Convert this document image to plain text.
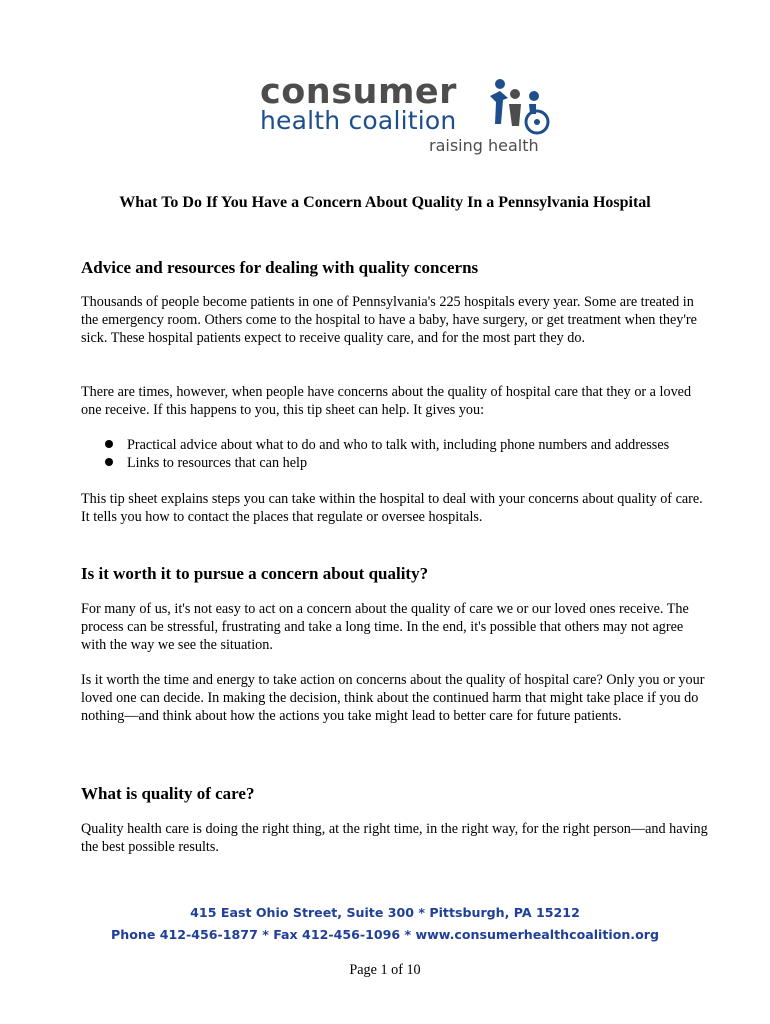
consumer
health coalition
raising health
What To Do If You Have a Concern About Quality In a Pennsylvania Hospital
Advice and resources for dealing with quality concerns

Thousands of people become patients in one of Pennsylvania's 225 hospitals every year. Some are treated in the emergency room. Others come to the hospital to have a baby, have surgery, or get treatment when they're sick. These hospital patients expect to receive quality care, and for the most part they do.

There are times, however, when people have concerns about the quality of hospital care that they or a loved one receive. If this happens to you, this tip sheet can help. It gives you:

Practical advice about what to do and who to talk with, including phone numbers and addresses
Links to resources that can help

This tip sheet explains steps you can take within the hospital to deal with your concerns about quality of care. It tells you how to contact the places that regulate or oversee hospitals.

Is it worth it to pursue a concern about quality?

For many of us, it's not easy to act on a concern about the quality of care we or our loved ones receive. The process can be stressful, frustrating and take a long time. In the end, it's possible that others may not agree with the way we see the situation.

Is it worth the time and energy to take action on concerns about the quality of hospital care? Only you or your loved one can decide. In making the decision, think about the continued harm that might take place if you do nothing—and think about how the actions you take might lead to better care for future patients.

What is quality of care?

Quality health care is doing the right thing, at the right time, in the right way, for the right person—and having the best possible results.

415 East Ohio Street, Suite 300 * Pittsburgh, PA 15212
Phone 412-456-1877 * Fax 412-456-1096 * www.consumerhealthcoalition.org
Page 1 of 10
